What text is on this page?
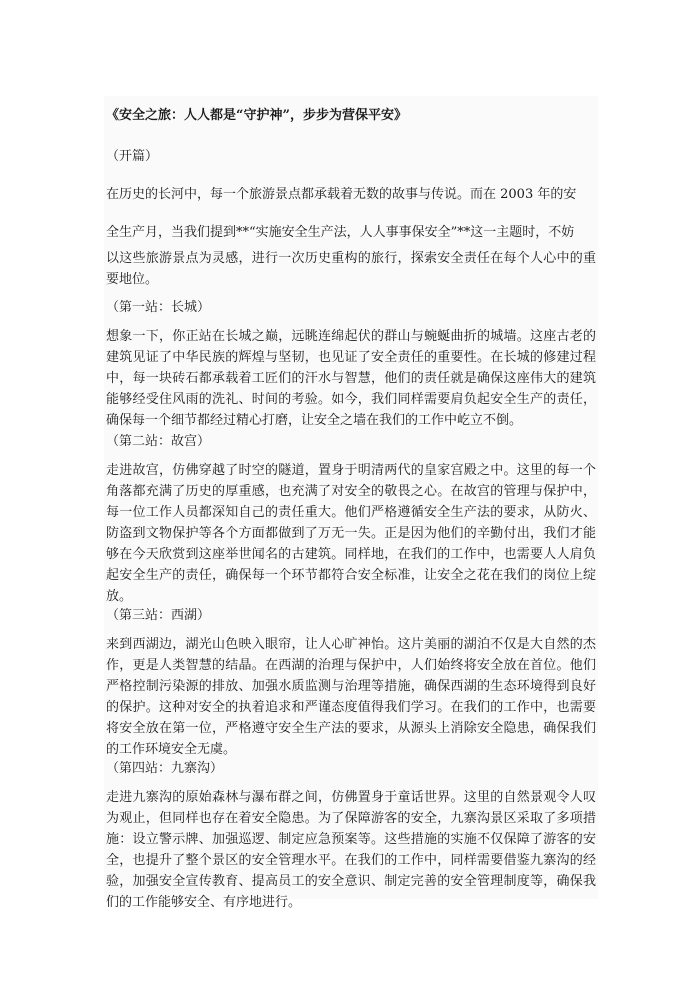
《安全之旅：人人都是“守护神”，步步为营保平安》
（开篇）
在历史的长河中，每一个旅游景点都承载着无数的故事与传说。而在 2003 年的安
全生产月，当我们提到**“实施安全生产法，人人事事保安全”**这一主题时，不妨
以这些旅游景点为灵感，进行一次历史重构的旅行，探索安全责任在每个人心中的重要地位。
（第一站：长城）
想象一下，你正站在长城之巅，远眺连绵起伏的群山与蜿蜒曲折的城墙。这座古老的建筑见证了中华民族的辉煌与坚韧，也见证了安全责任的重要性。在长城的修建过程中，每一块砖石都承载着工匠们的汗水与智慧，他们的责任就是确保这座伟大的建筑能够经受住风雨的洗礼、时间的考验。如今，我们同样需要肩负起安全生产的责任，确保每一个细节都经过精心打磨，让安全之墙在我们的工作中屹立不倒。
（第二站：故宫）
走进故宫，仿佛穿越了时空的隧道，置身于明清两代的皇家宫殿之中。这里的每一个角落都充满了历史的厚重感，也充满了对安全的敬畏之心。在故宫的管理与保护中，每一位工作人员都深知自己的责任重大。他们严格遵循安全生产法的要求，从防火、防盗到文物保护等各个方面都做到了万无一失。正是因为他们的辛勤付出，我们才能够在今天欣赏到这座举世闻名的古建筑。同样地，在我们的工作中，也需要人人肩负起安全生产的责任，确保每一个环节都符合安全标准，让安全之花在我们的岗位上绽放。
（第三站：西湖）
来到西湖边，湖光山色映入眼帘，让人心旷神怡。这片美丽的湖泊不仅是大自然的杰作，更是人类智慧的结晶。在西湖的治理与保护中，人们始终将安全放在首位。他们严格控制污染源的排放、加强水质监测与治理等措施，确保西湖的生态环境得到良好的保护。这种对安全的执着追求和严谨态度值得我们学习。在我们的工作中，也需要将安全放在第一位，严格遵守安全生产法的要求，从源头上消除安全隐患，确保我们的工作环境安全无虞。
（第四站：九寨沟）
走进九寨沟的原始森林与瀑布群之间，仿佛置身于童话世界。这里的自然景观令人叹为观止，但同样也存在着安全隐患。为了保障游客的安全，九寨沟景区采取了多项措施：设立警示牌、加强巡逻、制定应急预案等。这些措施的实施不仅保障了游客的安全，也提升了整个景区的安全管理水平。在我们的工作中，同样需要借鉴九寨沟的经验，加强安全宣传教育、提高员工的安全意识、制定完善的安全管理制度等，确保我们的工作能够安全、有序地进行。
